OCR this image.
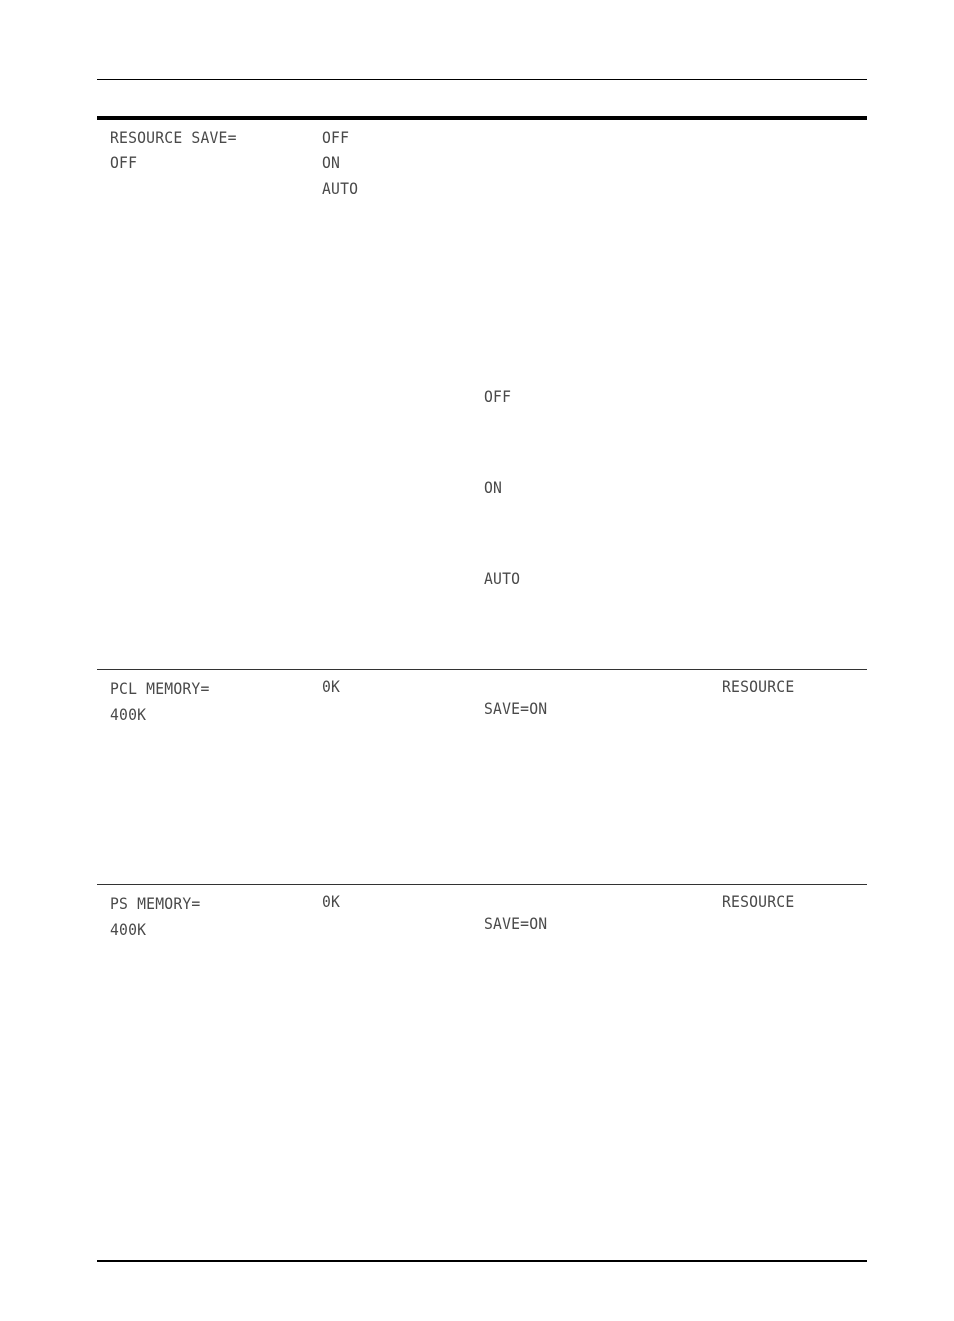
RESOURCE SAVE=
OFF
OFF
ON
AUTO
OFF
ON
AUTO
PCL MEMORY=
400K
0K	RESOURCE
SAVE=ON
PS MEMORY=
400K
0K	RESOURCE
SAVE=ON
